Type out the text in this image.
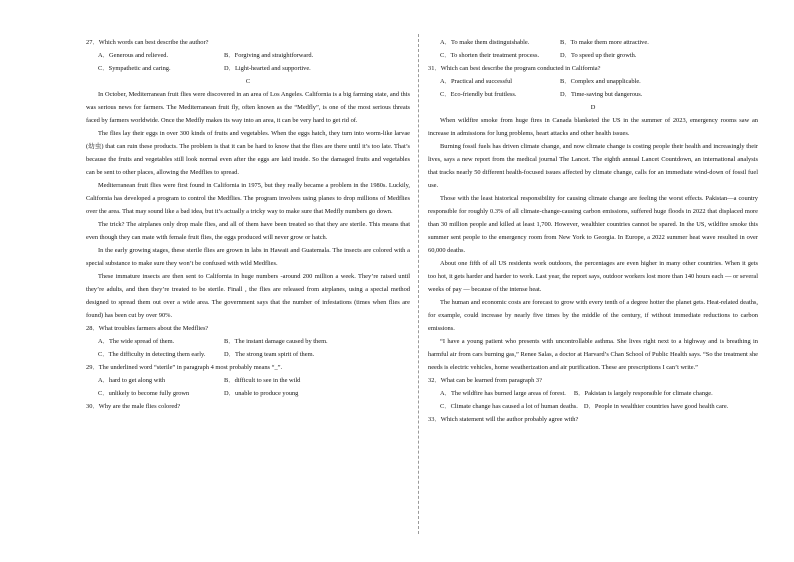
27．Which words can best describe the author?

A．Generous and relieved.	B．Forgiving and straightforward.
C．Sympathetic and caring.	D．Light-hearted and supportive.

C

In October, Mediterranean fruit flies were discovered in an area of Los Angeles. California is a big farming state, and this was serious news for farmers. The Mediterranean fruit fly, often known as the “Medfly”, is one of the most serious threats faced by farmers worldwide. Once the Medfly makes its way into an area, it can be very hard to get rid of.

The flies lay their eggs in over 300 kinds of fruits and vegetables. When the eggs hatch, they turn into worm-like larvae (幼虫) that can ruin these products. The problem is that it can be hard to know that the flies are there until it’s too late. That’s because the fruits and vegetables still look normal even after the eggs are laid inside. So the damaged fruits and vegetables can be sent to other places, allowing the Medflies to spread.

Mediterranean fruit flies were first found in California in 1975, but they really became a problem in the 1980s. Luckily, California has developed a program to control the Medflies. The program involves using planes to drop millions of Medflies over the area. That may sound like a bad idea, but it’s actually a tricky way to make sure that Medfly numbers go down.

The trick? The airplanes only drop male flies, and all of them have been treated so that they are sterile. This means that even though they can mate with female fruit flies, the eggs produced will never grow or hatch.

In the early growing stages, these sterile flies are grown in labs in Hawaii and Guatemala. The insects are colored with a special substance to make sure they won’t be confused with wild Medflies.

These immature insects are then sent to California in huge numbers -around 200 million a week. They’re raised until they’re adults, and then they’re treated to be sterile. Finall , the flies are released from airplanes, using a special method designed to spread them out over a wide area. The government says that the number of infestations (times when flies are found) has been cut by over 90%.

28．What troubles farmers about the Medflies?

A．The wide spread of them.	B．The instant damage caused by them.
C．The difficulty in detecting them early.	D．The strong team spirit of them.

29．The underlined word “sterile” in paragraph 4 most probably means “_”.

A．hard to get along with	B．difficult to see in the wild
C．unlikely to become fully grown	D．unable to produce young

30．Why are the male flies colored?

A．To make them distinguishable.	B．To make them more attractive.
C．To shorten their treatment process.	D．To speed up their growth.

31．Which can best describe the program conducted in California?

A．Practical and successful	B．Complex and unapplicable.
C．Eco-friendly but fruitless.	D．Time-saving but dangerous.

D

When wildfire smoke from huge fires in Canada blanketed the US in the summer of 2023, emergency rooms saw an increase in admissions for lung problems, heart attacks and other health issues.

Burning fossil fuels has driven climate change, and now climate change is costing people their health and increasingly their lives, says a new report from the medical journal The Lancet. The eighth annual Lancet Countdown, an international analysis that tracks nearly 50 different health-focused issues affected by climate change, calls for an immediate wind-down of fossil fuel use.

Those with the least historical responsibility for causing climate change are feeling the worst effects. Pakistan—a country responsible for roughly 0.3% of all climate-change-causing carbon emissions, suffered huge floods in 2022 that displaced more than 30 million people and killed at least 1,700. However, wealthier countries cannot be spared. In the US, wildfire smoke this summer sent people to the emergency room from New York to Georgia. In Europe, a 2022 summer heat wave resulted in over 60,000 deaths.

About one fifth of all US residents work outdoors, the percentages are even higher in many other countries. When it gets too hot, it gets harder and harder to work. Last year, the report says, outdoor workers lost more than 140 hours each — or several weeks of pay — because of the intense heat.

The human and economic costs are forecast to grow with every tenth of a degree hotter the planet gets. Heat-related deaths, for example, could increase by nearly five times by the middle of the century, if without immediate reductions to carbon emissions.

“I have a young patient who presents with uncontrollable asthma. She lives right next to a highway and is breathing in harmful air from cars burning gas,” Renee Salas, a doctor at Harvard’s Chan School of Public Health says. “So the treatment she needs is electric vehicles, home weatherization and air purification. These are prescriptions I can’t write.”

32．What can be learned from paragraph 3?

A．The wildfire has burned large areas of forest.	B．Pakistan is largely responsible for climate change.
C．Climate change has caused a lot of human deaths. D．People in wealthier countries have good health care.

33．Which statement will the author probably agree with?
